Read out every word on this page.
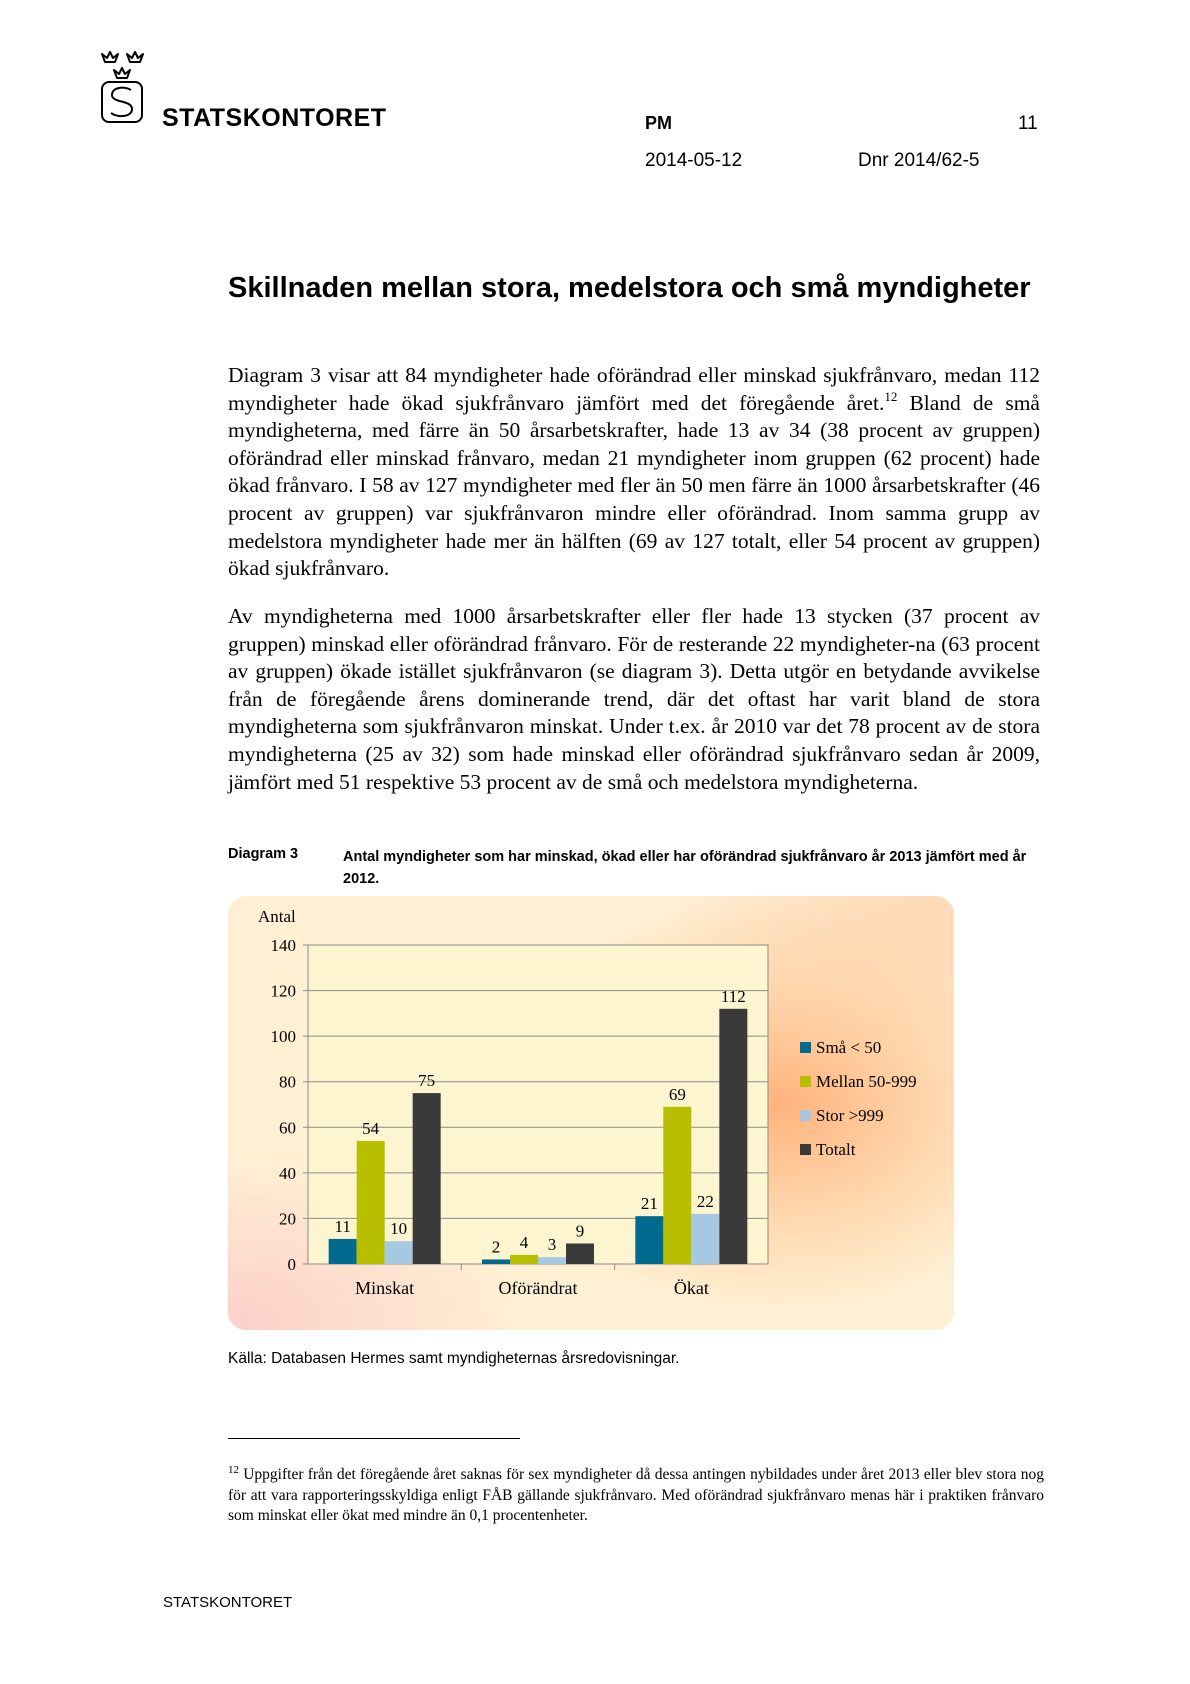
STATSKONTORET	PM	11
2014-05-12	Dnr 2014/62-5
Skillnaden mellan stora, medelstora och små myndigheter

Diagram 3 visar att 84 myndigheter hade oförändrad eller minskad sjukfrånvaro, medan 112 myndigheter hade ökad sjukfrånvaro jämfört med det föregående året.$^{12}$ Bland de små myndigheterna, med färre än 50 årsarbetskrafter, hade 13 av 34 (38 procent av gruppen) oförändrad eller minskad frånvaro, medan 21 myndigheter inom gruppen (62 procent) hade ökad frånvaro. I 58 av 127 myndigheter med fler än 50 men färre än 1000 årsarbetskrafter (46 procent av gruppen) var sjukfrånvaron mindre eller oförändrad. Inom samma grupp av medelstora myndigheter hade mer än hälften (69 av 127 totalt, eller 54 procent av gruppen) ökad sjukfrånvaro.

Av myndigheterna med 1000 årsarbetskrafter eller fler hade 13 stycken (37 procent av gruppen) minskad eller oförändrad frånvaro. För de resterande 22 myndigheter-na (63 procent av gruppen) ökade istället sjukfrånvaron (se diagram 3). Detta utgör en betydande avvikelse från de föregående årens dominerande trend, där det oftast har varit bland de stora myndigheterna som sjukfrånvaron minskat. Under t.ex. år 2010 var det 78 procent av de stora myndigheterna (25 av 32) som hade minskad eller oförändrad sjukfrånvaro sedan år 2009, jämfört med 51 respektive 53 procent av de små och medelstora myndigheterna.

Diagram 3	Antal myndigheter som har minskad, ökad eller har oförändrad sjukfrånvaro år 2013 jämfört med år 2012.
0
20
40
60
80
100
120
140
Antal
Minskat
11
54
10
75
Oförändrat
2 4 3
9
Ökat
21
69
22
112
Små < 50
Mellan 50-999
Stor >999
Totalt
Källa: Databasen Hermes samt myndigheternas årsredovisningar.

$^{12}$ Uppgifter från det föregående året saknas för sex myndigheter då dessa antingen nybildades under året 2013 eller blev stora nog för att vara rapporteringsskyldiga enligt FÅB gällande sjukfrånvaro. Med oförändrad sjukfrånvaro menas här i praktiken frånvaro som minskat eller ökat med mindre än 0,1 procentenheter.

STATSKONTORET
